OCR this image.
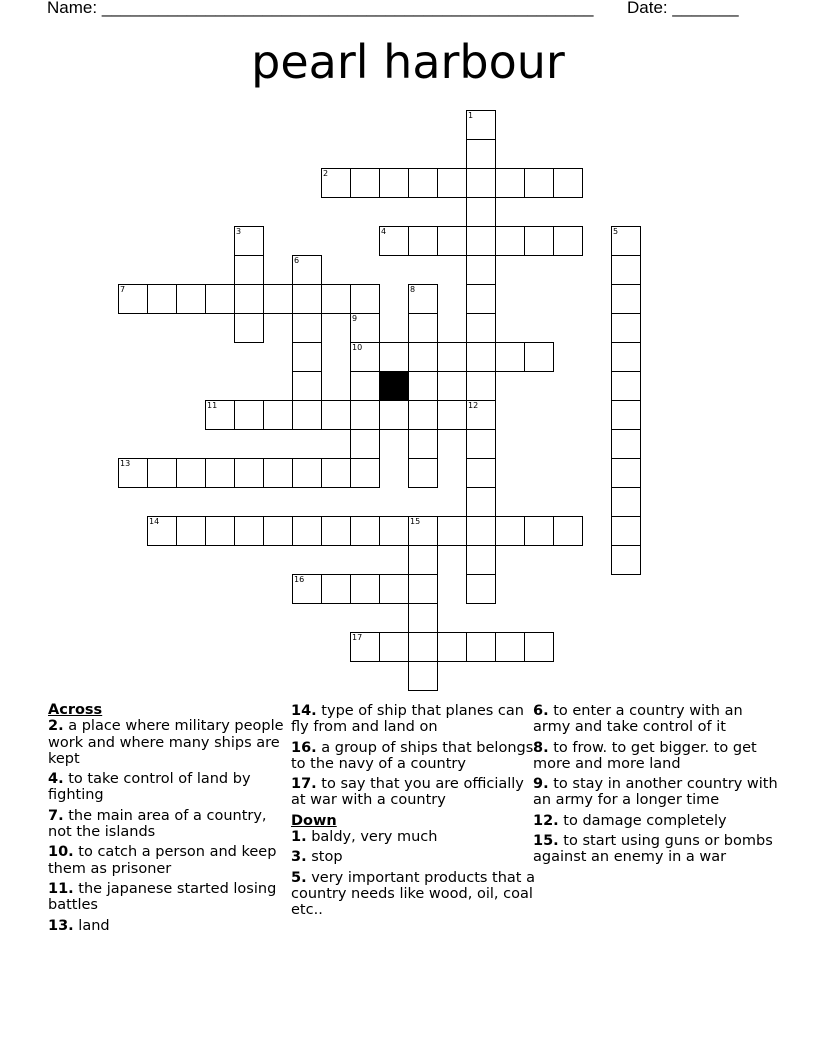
Name: ____________________________________________________ Date: _______
pearl harbour
1
12
2
3	4	5
6
7	8
9
10
11
13
14	15
16
17
Across
2. a place where military people work and where many ships are kept
4. to take control of land by fighting
7. the main area of a country, not the islands
10. to catch a person and keep them as prisoner
11. the japanese started losing battles
13. land
14. type of ship that planes can fly from and land on
16. a group of ships that belongs to the navy of a country
17. to say that you are officially at war with a country
Down
1. baldy, very much
3. stop
5. very important products that a country needs like wood, oil, coal etc..
6. to enter a country with an army and take control of it
8. to frow. to get bigger. to get more and more land
9. to stay in another country with an army for a longer time
12. to damage completely
15. to start using guns or bombs against an enemy in a war
